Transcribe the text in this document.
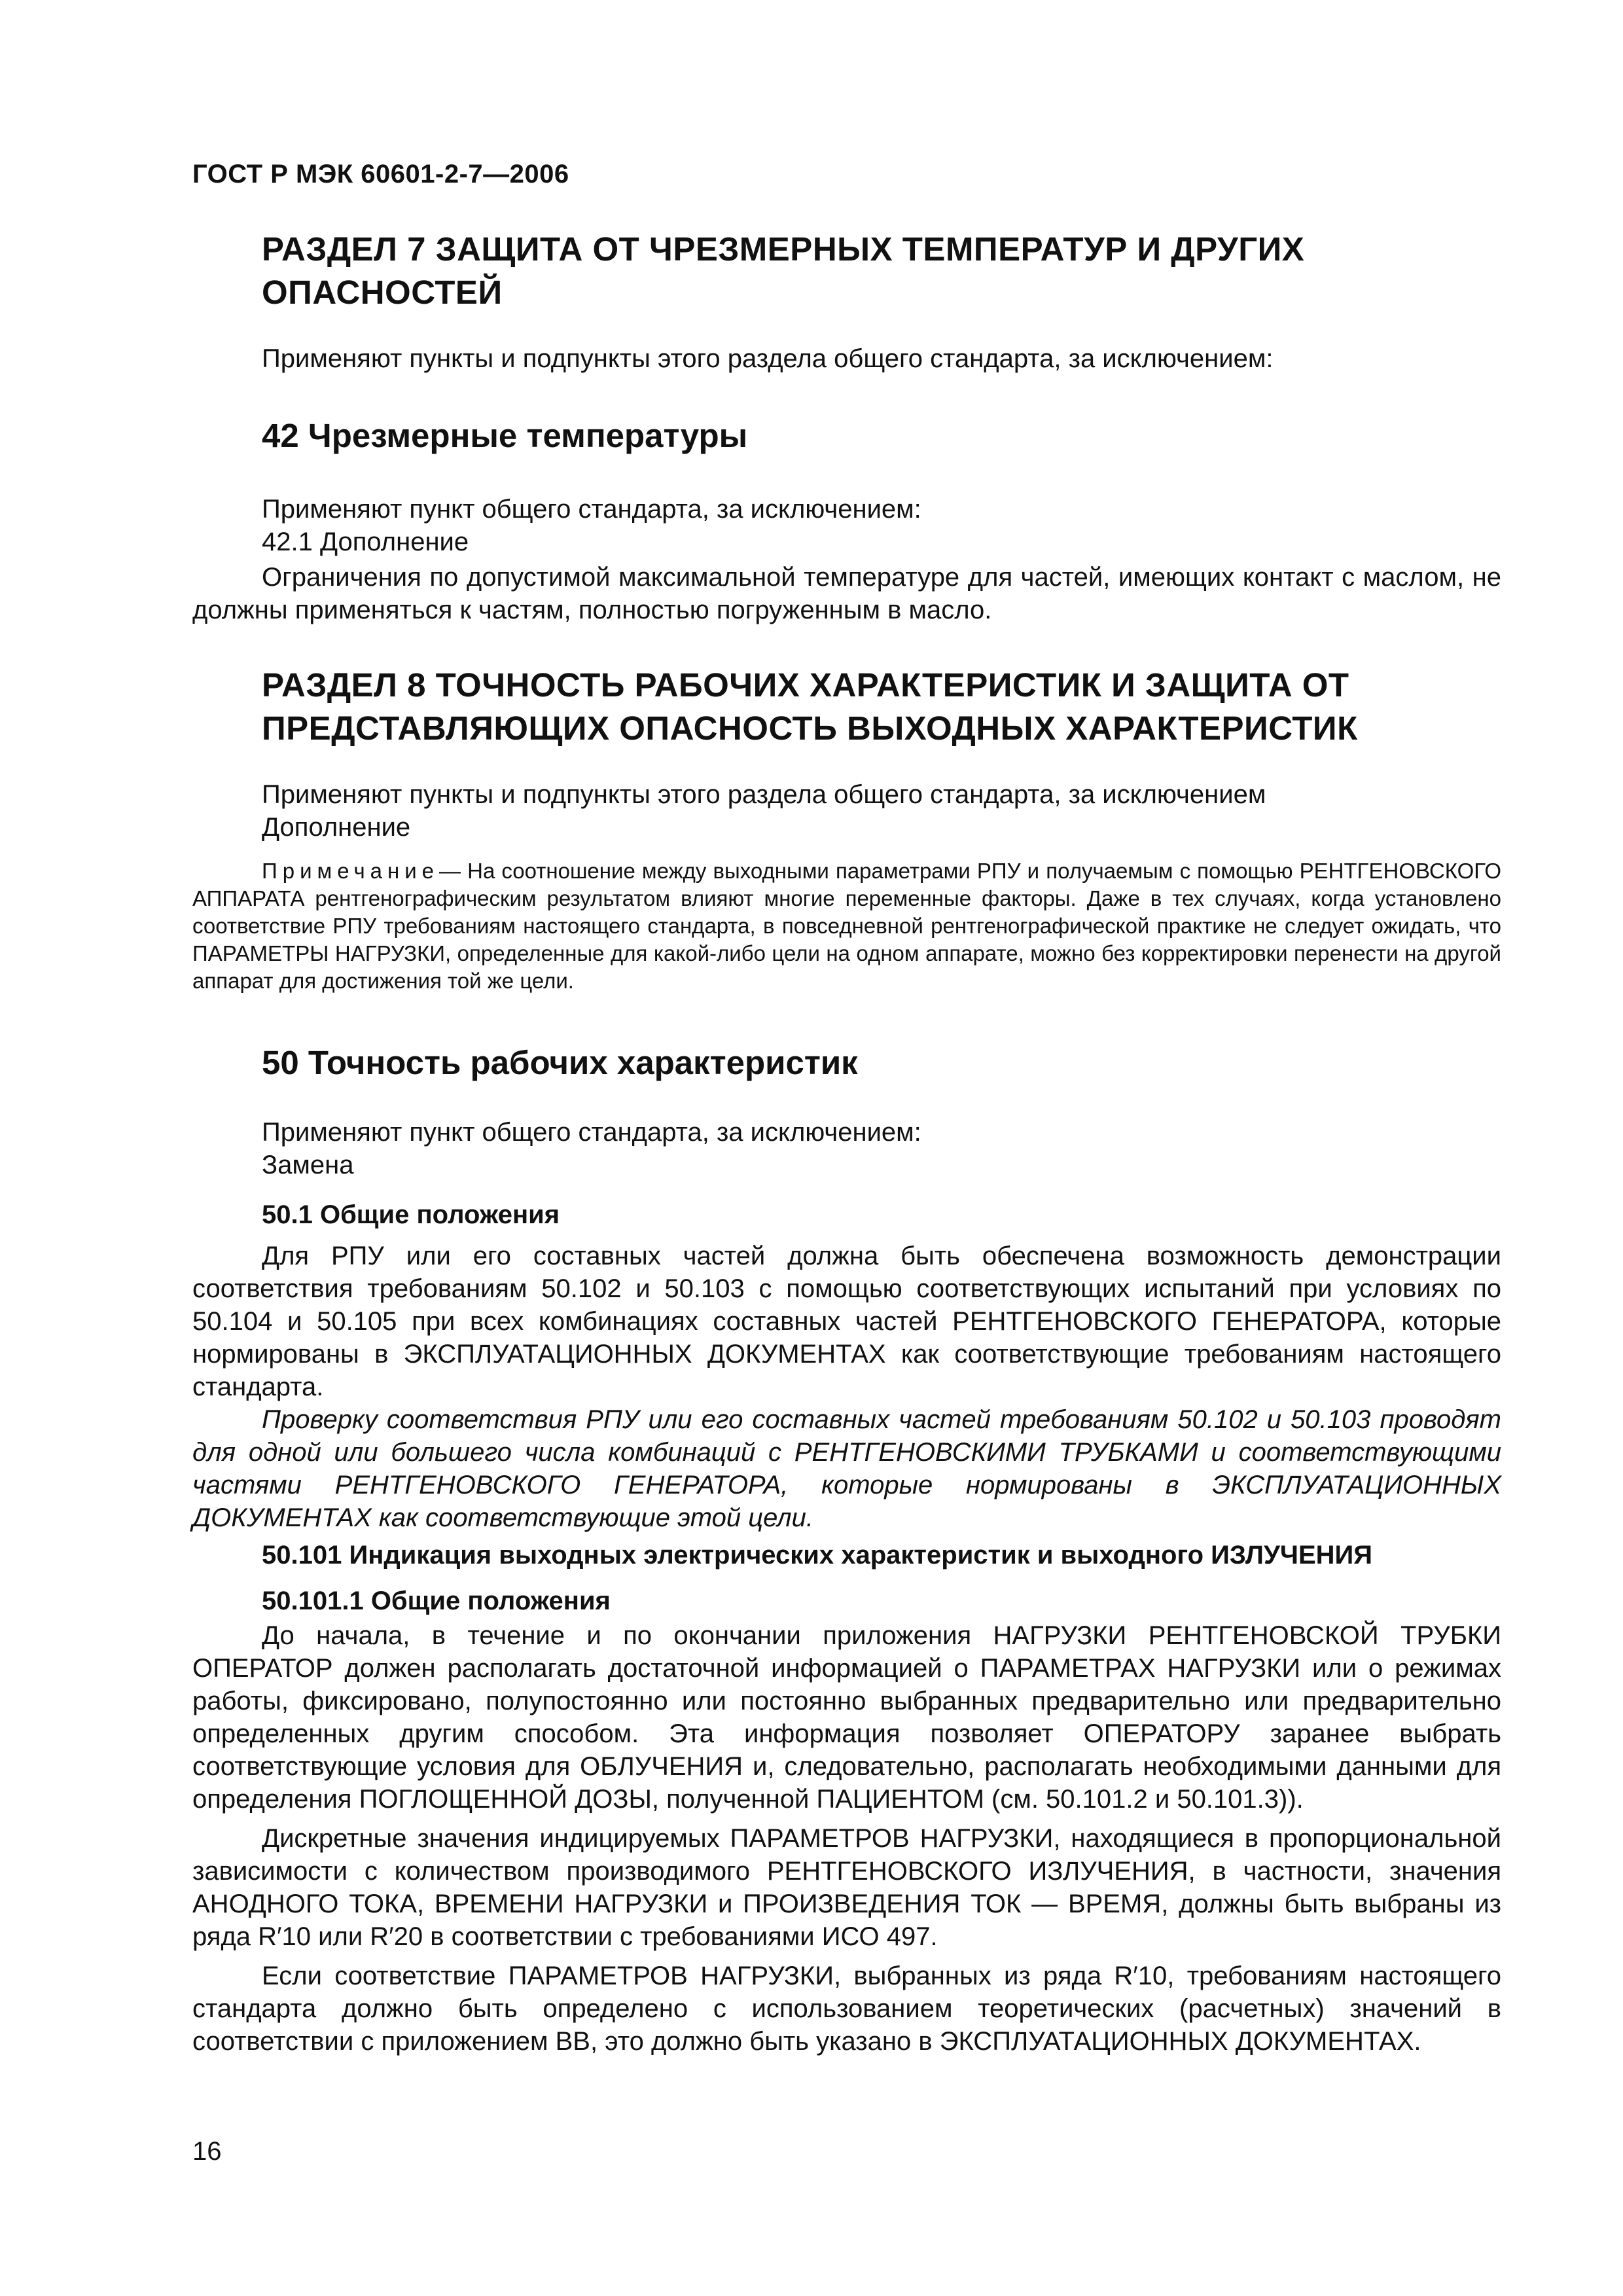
ГОСТ Р МЭК 60601-2-7—2006
РАЗДЕЛ 7 ЗАЩИТА ОТ ЧРЕЗМЕРНЫХ ТЕМПЕРАТУР И ДРУГИХ ОПАСНОСТЕЙ
Применяют пункты и подпункты этого раздела общего стандарта, за исключением:
42 Чрезмерные температуры
Применяют пункт общего стандарта, за исключением:
42.1 Дополнение
Ограничения по допустимой максимальной температуре для частей, имеющих контакт с маслом, не должны применяться к частям, полностью погруженным в масло.
РАЗДЕЛ 8 ТОЧНОСТЬ РАБОЧИХ ХАРАКТЕРИСТИК И ЗАЩИТА ОТ ПРЕДСТАВЛЯЮЩИХ ОПАСНОСТЬ ВЫХОДНЫХ ХАРАКТЕРИСТИК
Применяют пункты и подпункты этого раздела общего стандарта, за исключением
Дополнение
Примечание— На соотношение между выходными параметрами РПУ и получаемым с помощью РЕНТГЕНОВСКОГО АППАРАТА рентгенографическим результатом влияют многие переменные факторы. Даже в тех случаях, когда установлено соответствие РПУ требованиям настоящего стандарта, в повседневной рентгенографической практике не следует ожидать, что ПАРАМЕТРЫ НАГРУЗКИ, определенные для какой-либо цели на одном аппарате, можно без корректировки перенести на другой аппарат для достижения той же цели.
50 Точность рабочих характеристик
Применяют пункт общего стандарта, за исключением:
Замена
50.1 Общие положения
Для РПУ или его составных частей должна быть обеспечена возможность демонстрации соответствия требованиям 50.102 и 50.103 с помощью соответствующих испытаний при условиях по 50.104 и 50.105 при всех комбинациях составных частей РЕНТГЕНОВСКОГО ГЕНЕРАТОРА, которые нормированы в ЭКСПЛУАТАЦИОННЫХ ДОКУМЕНТАХ как соответствующие требованиям настоящего стандарта.
Проверку соответствия РПУ или его составных частей требованиям 50.102 и 50.103 проводят для одной или большего числа комбинаций с РЕНТГЕНОВСКИМИ ТРУБКАМИ и соответствующими частями РЕНТГЕНОВСКОГО ГЕНЕРАТОРА, которые нормированы в ЭКСПЛУАТАЦИОННЫХ ДОКУМЕНТАХ как соответствующие этой цели.
50.101 Индикация выходных электрических характеристик и выходного ИЗЛУЧЕНИЯ
50.101.1 Общие положения
До начала, в течение и по окончании приложения НАГРУЗКИ РЕНТГЕНОВСКОЙ ТРУБКИ ОПЕРАТОР должен располагать достаточной информацией о ПАРАМЕТРАХ НАГРУЗКИ или о режимах работы, фиксировано, полупостоянно или постоянно выбранных предварительно или предварительно определенных другим способом. Эта информация позволяет ОПЕРАТОРУ заранее выбрать соответствующие условия для ОБЛУЧЕНИЯ и, следовательно, располагать необходимыми данными для определения ПОГЛОЩЕННОЙ ДОЗЫ, полученной ПАЦИЕНТОМ (см. 50.101.2 и 50.101.3)).
Дискретные значения индицируемых ПАРАМЕТРОВ НАГРУЗКИ, находящиеся в пропорциональной зависимости с количеством производимого РЕНТГЕНОВСКОГО ИЗЛУЧЕНИЯ, в частности, значения АНОДНОГО ТОКА, ВРЕМЕНИ НАГРУЗКИ и ПРОИЗВЕДЕНИЯ ТОК — ВРЕМЯ, должны быть выбраны из ряда R′10 или R′20 в соответствии с требованиями ИСО 497.
Если соответствие ПАРАМЕТРОВ НАГРУЗКИ, выбранных из ряда R′10, требованиям настоящего стандарта должно быть определено с использованием теоретических (расчетных) значений в соответствии с приложением ВВ, это должно быть указано в ЭКСПЛУАТАЦИОННЫХ ДОКУМЕНТАХ.
16
